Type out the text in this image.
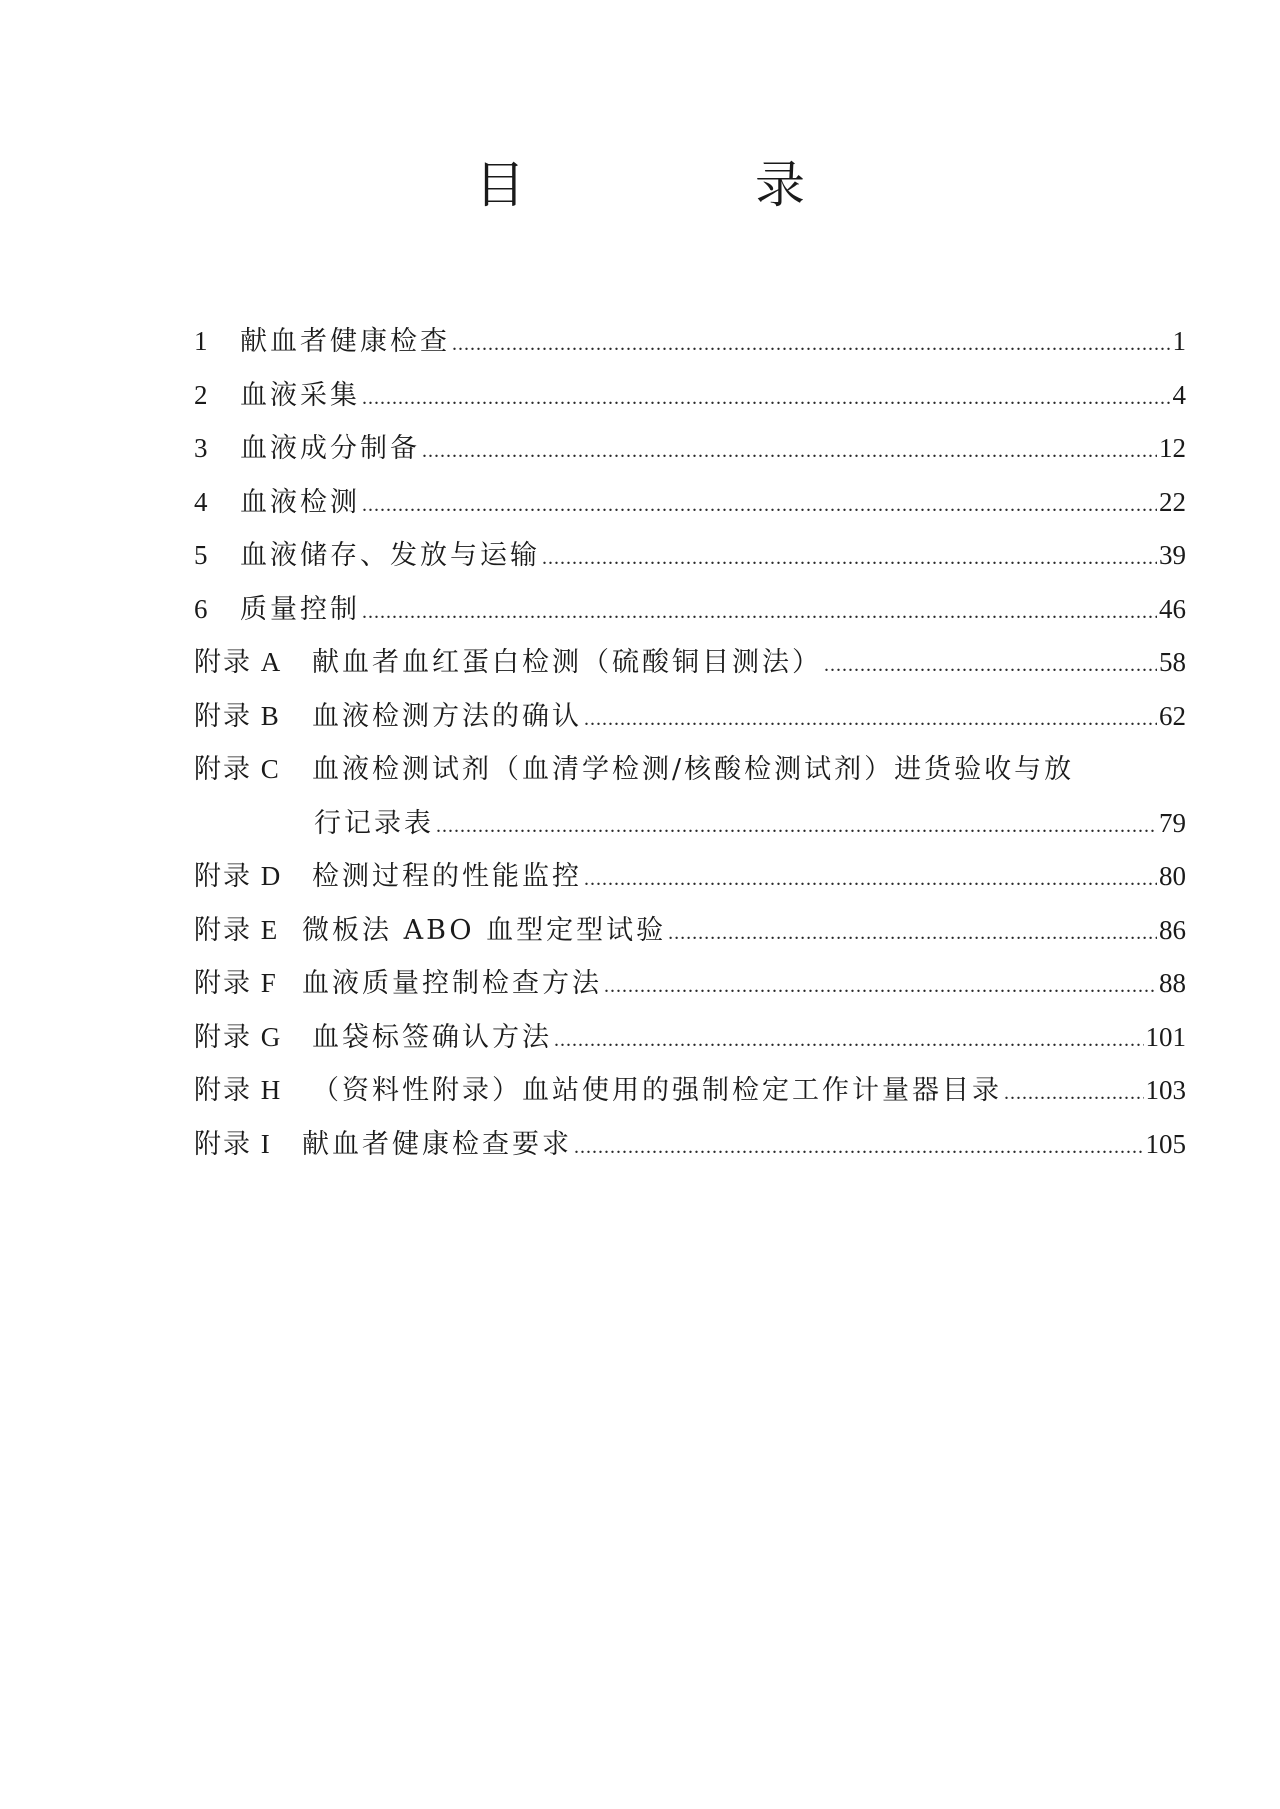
目　录
1	献血者健康检查 .....	1
2	血液采集 .....	4
3	血液成分制备 .....	12
4	血液检测 .....	22
5	血液储存、发放与运输 .....	39
6	质量控制 .....	46
附录 A	献血者血红蛋白检测（硫酸铜目测法） .....	58
附录 B	血液检测方法的确认 .....	62
附录 C	血液检测试剂（血清学检测/核酸检测试剂）进货验收与放
行记录表 .....	79
附录 D	检测过程的性能监控 .....	80
附录 E 微板法 ABO 血型定型试验 .....	86
附录 F 血液质量控制检查方法 .....	88
附录 G	血袋标签确认方法 .....	101
附录 H	（资料性附录）血站使用的强制检定工作计量器目录 .....	103
附录 I	献血者健康检查要求 .....	105
